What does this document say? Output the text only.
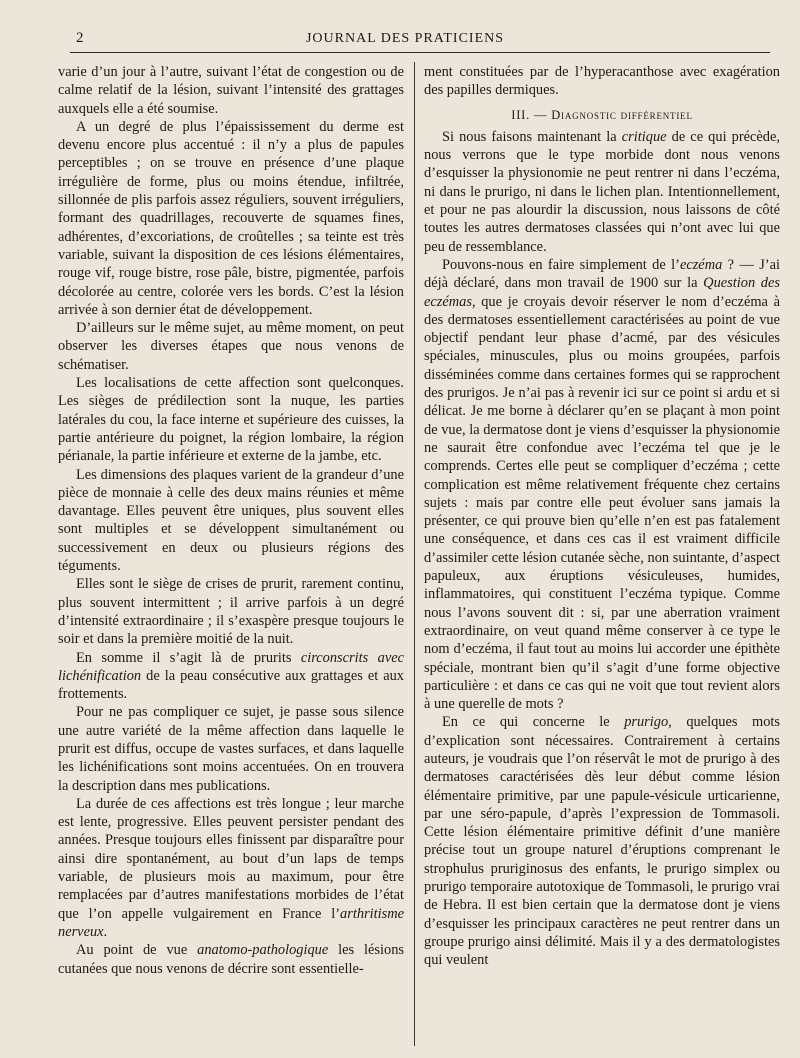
2	JOURNAL DES PRATICIENS

varie d’un jour à l’autre, suivant l’état de congestion ou de calme relatif de la lésion, suivant l’intensité des grattages auxquels elle a été soumise.

A un degré de plus l’épaississement du derme est devenu encore plus accentué : il n’y a plus de papules perceptibles ; on se trouve en présence d’une plaque irrégulière de forme, plus ou moins étendue, infiltrée, sillonnée de plis parfois assez réguliers, souvent irréguliers, formant des quadrillages, recouverte de squames fines, adhérentes, d’excoriations, de croûtelles ; sa teinte est très variable, suivant la disposition de ces lésions élémentaires, rouge vif, rouge bistre, rose pâle, bistre, pigmentée, parfois décolorée au centre, colorée vers les bords. C’est la lésion arrivée à son dernier état de développement.

D’ailleurs sur le même sujet, au même moment, on peut observer les diverses étapes que nous venons de schématiser.

Les localisations de cette affection sont quelconques. Les sièges de prédilection sont la nuque, les parties latérales du cou, la face interne et supérieure des cuisses, la partie antérieure du poignet, la région lombaire, la région périanale, la partie inférieure et externe de la jambe, etc.

Les dimensions des plaques varient de la grandeur d’une pièce de monnaie à celle des deux mains réunies et même davantage. Elles peuvent être uniques, plus souvent elles sont multiples et se développent simultanément ou successivement en deux ou plusieurs régions des téguments.

Elles sont le siège de crises de prurit, rarement continu, plus souvent intermittent ; il arrive parfois à un degré d’intensité extraordinaire ; il s’exaspère presque toujours le soir et dans la première moitié de la nuit.

En somme il s’agit là de prurits circonscrits avec lichénification de la peau consécutive aux grattages et aux frottements.

Pour ne pas compliquer ce sujet, je passe sous silence une autre variété de la même affection dans laquelle le prurit est diffus, occupe de vastes surfaces, et dans laquelle les lichénifications sont moins accentuées. On en trouvera la description dans mes publications.

La durée de ces affections est très longue ; leur marche est lente, progressive. Elles peuvent persister pendant des années. Presque toujours elles finissent par disparaître pour ainsi dire spontanément, au bout d’un laps de temps variable, de plusieurs mois au maximum, pour être remplacées par d’autres manifestations morbides de l’état que l’on appelle vulgairement en France l’arthritisme nerveux.

Au point de vue anatomo-pathologique les lésions cutanées que nous venons de décrire sont essentielle-

ment constituées par de l’hyperacanthose avec exagération des papilles dermiques.

III. — Diagnostic différentiel

Si nous faisons maintenant la critique de ce qui précède, nous verrons que le type morbide dont nous venons d’esquisser la physionomie ne peut rentrer ni dans l’eczéma, ni dans le prurigo, ni dans le lichen plan. Intentionnellement, et pour ne pas alourdir la discussion, nous laissons de côté toutes les autres dermatoses classées qui n’ont avec lui que peu de ressemblance.

Pouvons-nous en faire simplement de l’eczéma ? — J’ai déjà déclaré, dans mon travail de 1900 sur la Question des eczémas, que je croyais devoir réserver le nom d’eczéma à des dermatoses essentiellement caractérisées au point de vue objectif pendant leur phase d’acmé, par des vésicules spéciales, minuscules, plus ou moins groupées, parfois disséminées comme dans certaines formes qui se rapprochent des prurigos. Je n’ai pas à revenir ici sur ce point si ardu et si délicat. Je me borne à déclarer qu’en se plaçant à mon point de vue, la dermatose dont je viens d’esquisser la physionomie ne saurait être confondue avec l’eczéma tel que je le comprends. Certes elle peut se compliquer d’eczéma ; cette complication est même relativement fréquente chez certains sujets : mais par contre elle peut évoluer sans jamais la présenter, ce qui prouve bien qu’elle n’en est pas fatalement une conséquence, et dans ces cas il est vraiment difficile d’assimiler cette lésion cutanée sèche, non suintante, d’aspect papuleux, aux éruptions vésiculeuses, humides, inflammatoires, qui constituent l’eczéma typique. Comme nous l’avons souvent dit : si, par une aberration vraiment extraordinaire, on veut quand même conserver à ce type le nom d’eczéma, il faut tout au moins lui accorder une épithète spéciale, montrant bien qu’il s’agit d’une forme objective particulière : et dans ce cas qui ne voit que tout revient alors à une querelle de mots ?

En ce qui concerne le prurigo, quelques mots d’explication sont nécessaires. Contrairement à certains auteurs, je voudrais que l’on réservât le mot de prurigo à des dermatoses caractérisées dès leur début comme lésion élémentaire primitive, par une papule-vésicule urticarienne, par une séro-papule, d’après l’expression de Tommasoli. Cette lésion élémentaire primitive définit d’une manière précise tout un groupe naturel d’éruptions comprenant le strophulus pruriginosus des enfants, le prurigo simplex ou prurigo temporaire autotoxique de Tommasoli, le prurigo vrai de Hebra. Il est bien certain que la dermatose dont je viens d’esquisser les principaux caractères ne peut rentrer dans un groupe prurigo ainsi délimité. Mais il y a des dermatologistes qui veulent
